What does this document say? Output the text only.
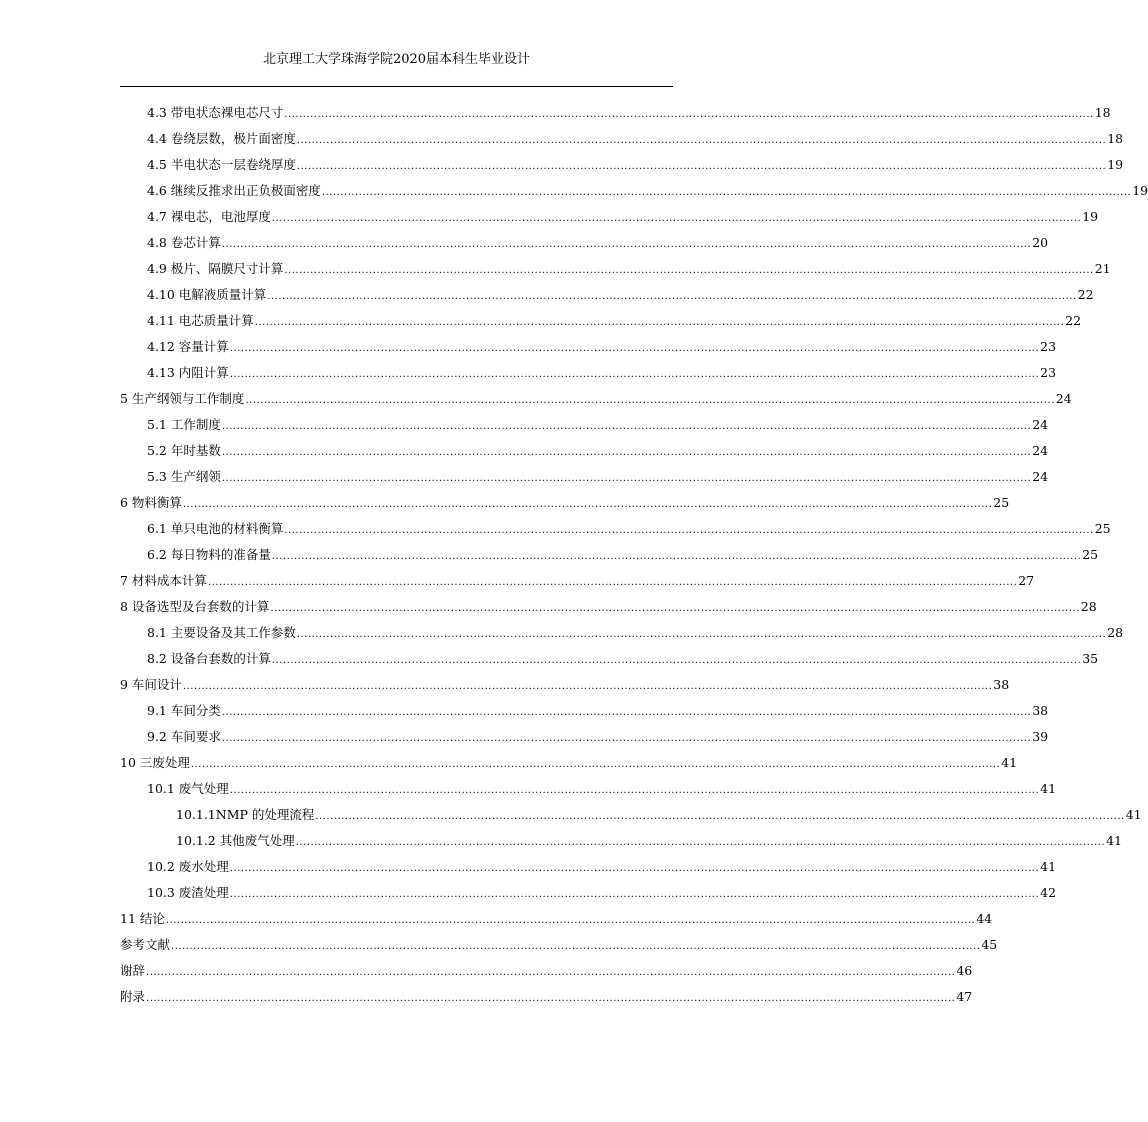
北京理工大学珠海学院2020届本科生毕业设计
4.3 带电状态裸电芯尺寸 ............................................................................................................................................................................................................................ 18
4.4 卷绕层数，极片面密度 ............................................................................................................................................................................................................................ 18
4.5 半电状态一层卷绕厚度 ............................................................................................................................................................................................................................ 19
4.6 继续反推求出正负极面密度 ............................................................................................................................................................................................................................ 19
4.7 裸电芯，电池厚度 ............................................................................................................................................................................................................................ 19
4.8 卷芯计算 ............................................................................................................................................................................................................................ 20
4.9 极片、隔膜尺寸计算 ............................................................................................................................................................................................................................ 21
4.10 电解液质量计算 ............................................................................................................................................................................................................................ 22
4.11 电芯质量计算 ............................................................................................................................................................................................................................ 22
4.12 容量计算 ............................................................................................................................................................................................................................ 23
4.13 内阻计算 ............................................................................................................................................................................................................................ 23
5 生产纲领与工作制度 ............................................................................................................................................................................................................................ 24
5.1 工作制度 ............................................................................................................................................................................................................................ 24
5.2 年时基数 ............................................................................................................................................................................................................................ 24
5.3 生产纲领 ............................................................................................................................................................................................................................ 24
6 物料衡算 ............................................................................................................................................................................................................................ 25
6.1 单只电池的材料衡算 ............................................................................................................................................................................................................................ 25
6.2 每日物料的准备量 ............................................................................................................................................................................................................................ 25
7 材料成本计算 ............................................................................................................................................................................................................................ 27
8 设备选型及台套数的计算 ............................................................................................................................................................................................................................ 28
8.1 主要设备及其工作参数 ............................................................................................................................................................................................................................ 28
8.2 设备台套数的计算 ............................................................................................................................................................................................................................ 35
9 车间设计 ............................................................................................................................................................................................................................ 38
9.1 车间分类 ............................................................................................................................................................................................................................ 38
9.2 车间要求 ............................................................................................................................................................................................................................ 39
10 三废处理 ............................................................................................................................................................................................................................ 41
10.1 废气处理 ............................................................................................................................................................................................................................ 41
10.1.1NMP 的处理流程 ............................................................................................................................................................................................................................ 41
10.1.2 其他废气处理 ............................................................................................................................................................................................................................ 41
10.2 废水处理 ............................................................................................................................................................................................................................ 41
10.3 废渣处理 ............................................................................................................................................................................................................................ 42
11 结论 ............................................................................................................................................................................................................................ 44
参考文献 ............................................................................................................................................................................................................................ 45
谢辞 ............................................................................................................................................................................................................................ 46
附录 ............................................................................................................................................................................................................................ 47
